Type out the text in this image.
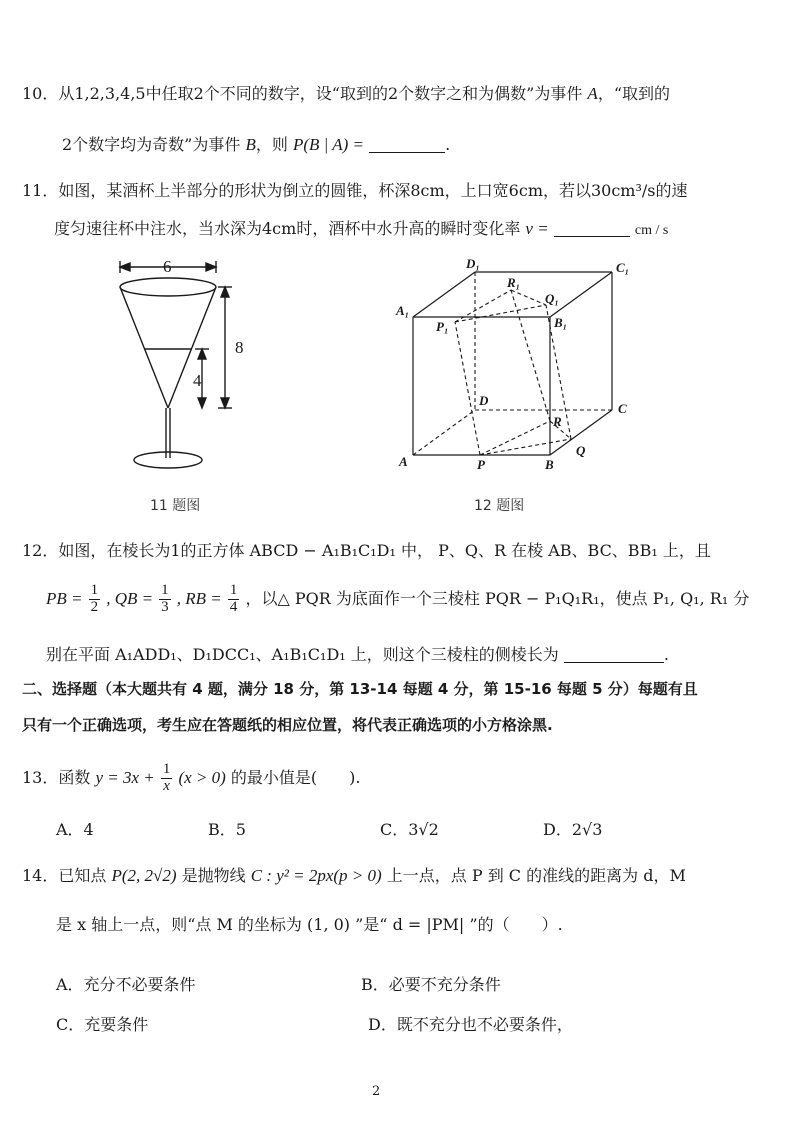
10．从1,2,3,4,5中任取2个不同的数字，设“取到的2个数字之和为偶数”为事件 A，“取到的
2个数字均为奇数”为事件 B，则 P(B | A) =	.
11．如图，某酒杯上半部分的形状为倒立的圆锥，杯深8cm，上口宽6cm，若以30cm³/s的速
度匀速往杯中注水，当水深为4cm时，酒杯中水升高的瞬时变化率 v =	cm / s
6
8
4
11 题图
D₁	C₁
R₁
Q₁
A₁
B₁
P₁
D
C
R
A	P	B
Q
12 题图
12．如图，在棱长为1的正方体 ABCD − A₁B₁C₁D₁ 中， P、Q、R 在棱 AB、BC、BB₁ 上，且
PB = $\frac{1}{2}$ , QB = $\frac{1}{3}$ , RB = $\frac{1}{4}$ ，以△ PQR 为底面作一个三棱柱 PQR − P₁Q₁R₁，使点 P₁, Q₁, R₁ 分
别在平面 A₁ADD₁、D₁DCC₁、A₁B₁C₁D₁ 上，则这个三棱柱的侧棱长为	.
二、选择题（本大题共有 4 题，满分 18 分，第 13-14 每题 4 分，第 15-16 每题 5 分）每题有且
只有一个正确选项，考生应在答题纸的相应位置，将代表正确选项的小方格涂黑.
13．函数 $y = 3x + \frac{1}{x} (x > 0)$ 的最小值是(　　).
A．4	B．5	C．3√2	D．2√3
14．已知点 P(2, 2√2) 是抛物线 C : y² = 2px(p > 0) 上一点，点 P 到 C 的准线的距离为 d，M
是 x 轴上一点，则“点 M 的坐标为 (1, 0) ”是“ d = |PM| ”的（　　）.
A．充分不必要条件	B．必要不充分条件
C．充要条件	D．既不充分也不必要条件，
2
